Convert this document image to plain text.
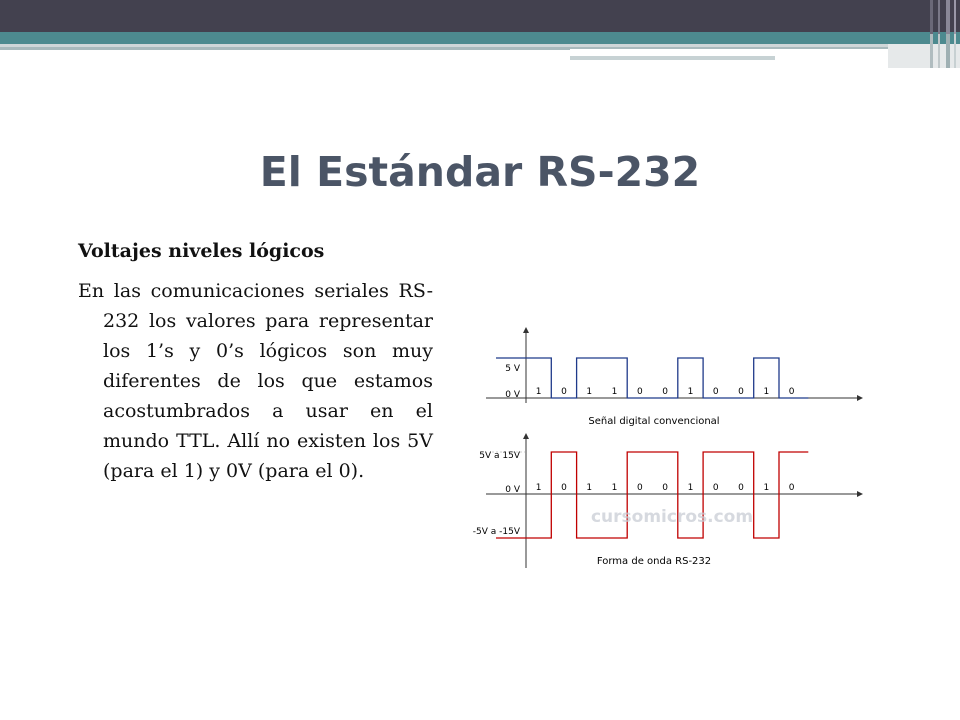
El Estándar RS-232

Voltajes niveles lógicos

En las comunicaciones seriales RS-232 los valores para representar los 1’s y 0’s lógicos son muy diferentes de los que estamos acostumbrados a usar en el mundo TTL. Allí no existen los 5V (para el 1) y 0V (para el 0).

5 V
0 V 1 0 1 1 0 0 1 0 0 1 0
Señal digital convencional
5V a 15V
0 V
-5V a -15V
1 0 1 1 0 0 1 0 0 1 0
cursomicros.com
Forma de onda RS-232
